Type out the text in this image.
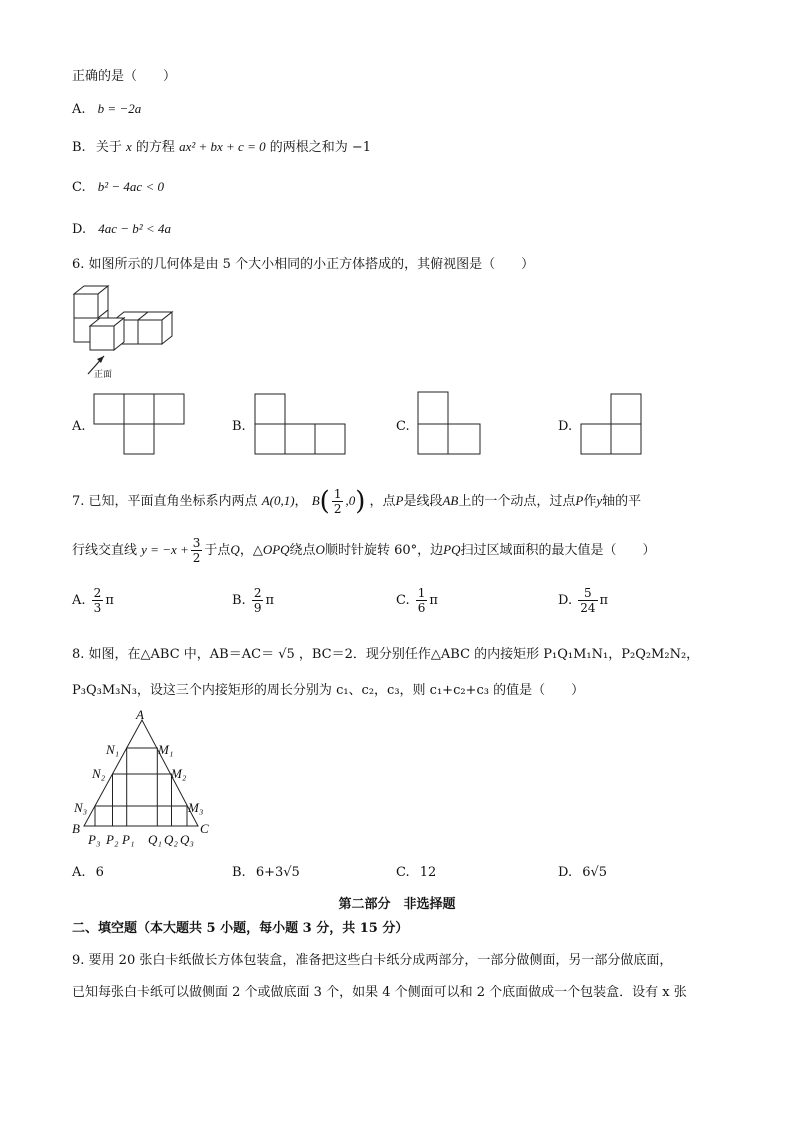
正确的是（　　）
A. b = −2a
B. 关于 x 的方程 ax² + bx + c = 0 的两根之和为 −1
C. b² − 4ac < 0
D. 4ac − b² < 4a
6. 如图所示的几何体是由 5 个大小相同的小正方体搭成的，其俯视图是（　　）
正面
A.	B.	C.	D.
7. 已知，平面直角坐标系内两点 A(0,1)， $B( \frac{1}{2} ,0)$ ，点P是线段AB上的一个动点，过点P作y轴的平
行线交直线 $y = -x + \frac{3}{2}$ 于点Q，△OPQ绕点O顺时针旋转 60°，边PQ扫过区域面积的最大值是（　　）
A. $\frac{2}{3}$ π	B. $\frac{2}{9}$ π	C. $\frac{1}{6}$ π	D. $\frac{5}{24}$ π
8. 如图，在△ABC 中，AB＝AC＝ √5 ，BC＝2．现分别任作△ABC 的内接矩形 P₁Q₁M₁N₁，P₂Q₂M₂N₂，
P₃Q₃M₃N₃，设这三个内接矩形的周长分别为 c₁、c₂，c₃，则 c₁+c₂+c₃ 的值是（　　）
A
B	C
N₁	M₁
N₂	M₂
N₃	M₃
P₃ P₂ P₁ Q₁ Q₂ Q₃
A. 6	B. 6+3√5	C. 12	D. 6√5
第二部分　非选择题
二、填空题（本大题共 5 小题，每小题 3 分，共 15 分）
9. 要用 20 张白卡纸做长方体包装盒，准备把这些白卡纸分成两部分，一部分做侧面，另一部分做底面，
已知每张白卡纸可以做侧面 2 个或做底面 3 个，如果 4 个侧面可以和 2 个底面做成一个包装盒．设有 x 张
